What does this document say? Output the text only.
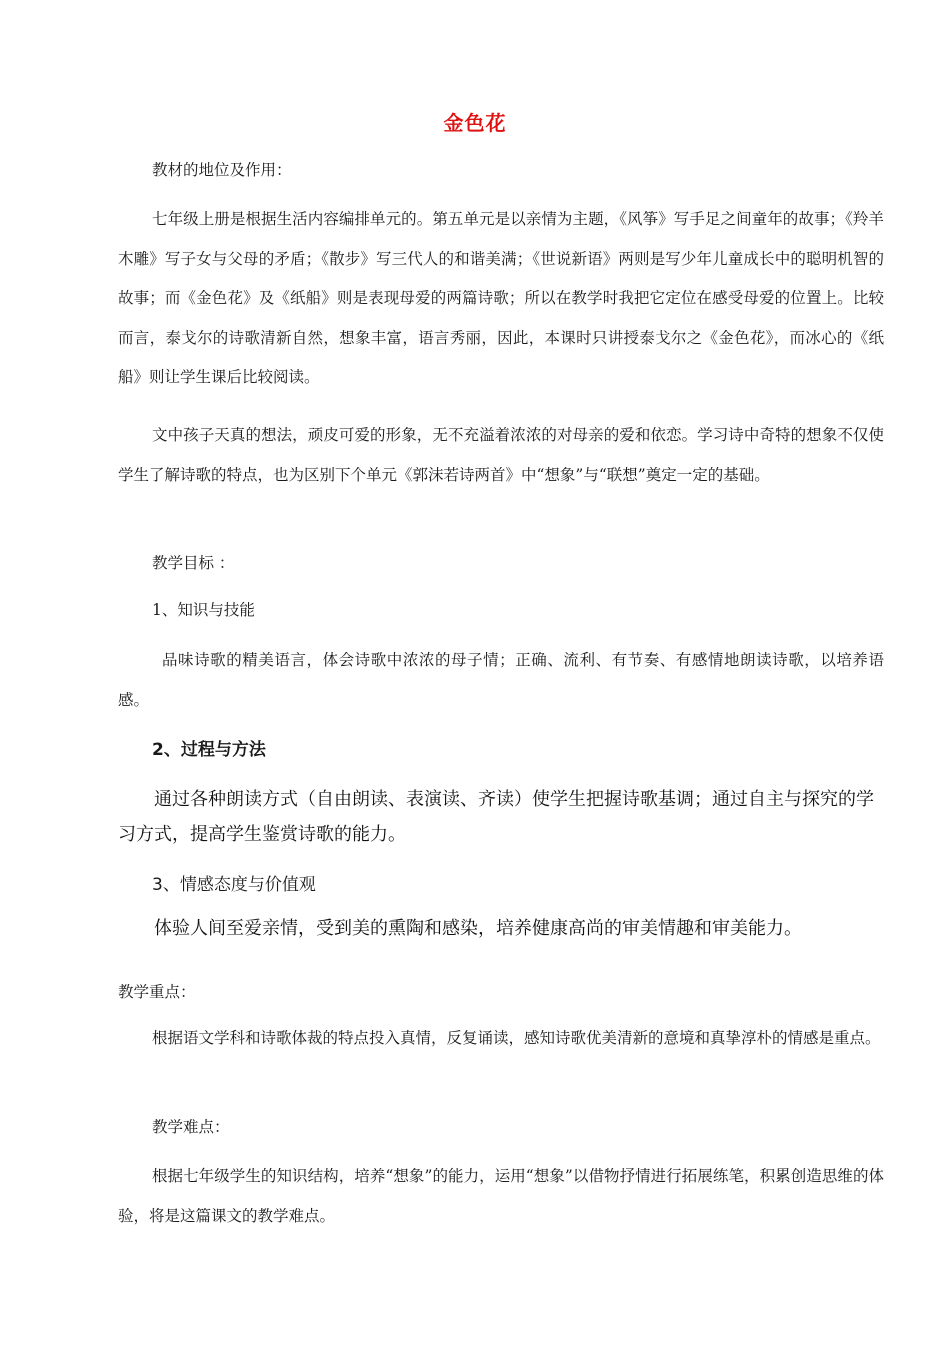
金色花
教材的地位及作用：
七年级上册是根据生活内容编排单元的。第五单元是以亲情为主题，《风筝》写手足之间童年的故事；《羚羊木雕》写子女与父母的矛盾；《散步》写三代人的和谐美满；《世说新语》两则是写少年儿童成长中的聪明机智的故事；而《金色花》及《纸船》则是表现母爱的两篇诗歌；所以在教学时我把它定位在感受母爱的位置上。比较而言，泰戈尔的诗歌清新自然，想象丰富，语言秀丽，因此，本课时只讲授泰戈尔之《金色花》，而冰心的《纸船》则让学生课后比较阅读。
文中孩子天真的想法，顽皮可爱的形象，无不充溢着浓浓的对母亲的爱和依恋。学习诗中奇特的想象不仅使学生了解诗歌的特点，也为区别下个单元《郭沫若诗两首》中“想象”与“联想”奠定一定的基础。
教学目标 ：
1、知识与技能
品味诗歌的精美语言，体会诗歌中浓浓的母子情；正确、流利、有节奏、有感情地朗读诗歌，以培养语感。
2、过程与方法
通过各种朗读方式（自由朗读、表演读、齐读）使学生把握诗歌基调；通过自主与探究的学习方式，提高学生鉴赏诗歌的能力。
3、情感态度与价值观
体验人间至爱亲情，受到美的熏陶和感染，培养健康高尚的审美情趣和审美能力。
教学重点：
根据语文学科和诗歌体裁的特点投入真情，反复诵读，感知诗歌优美清新的意境和真挚淳朴的情感是重点。
教学难点：
根据七年级学生的知识结构，培养“想象”的能力，运用“想象”以借物抒情进行拓展练笔，积累创造思维的体验，将是这篇课文的教学难点。
